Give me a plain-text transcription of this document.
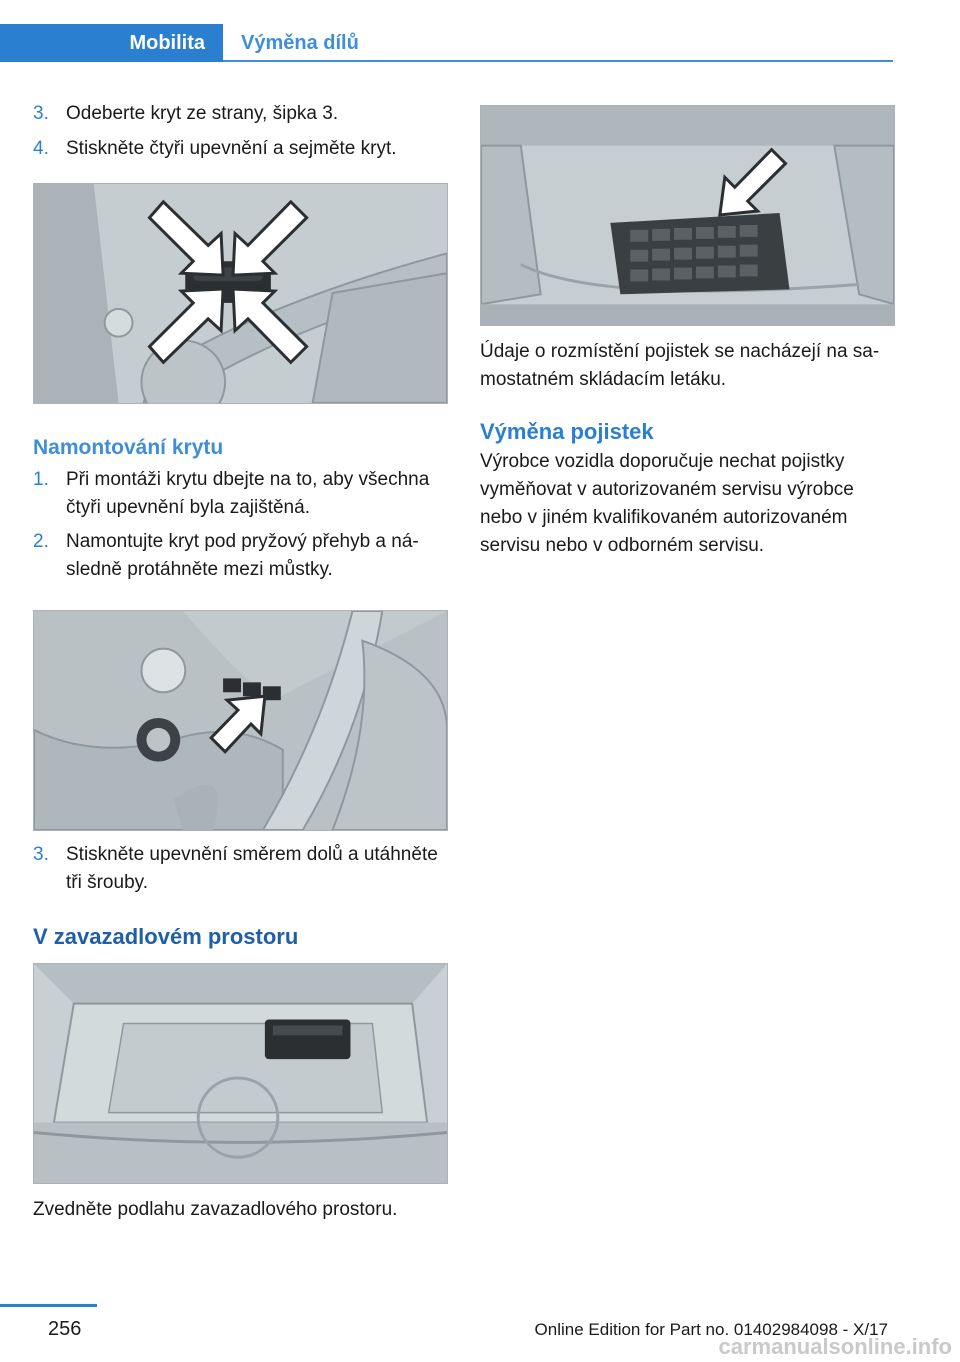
Mobilita	Výměna dílů
3. Odeberte kryt ze strany, šipka 3.
4. Stiskněte čtyři upevnění a sejměte kryt.
Namontování krytu
1. Při montáži krytu dbejte na to, aby všechna čtyři upevnění byla zajištěná.
2. Namontujte kryt pod pryžový přehyb a následně protáhněte mezi můstky.
3. Stiskněte upevnění směrem dolů a utáhněte tři šrouby.
V zavazadlovém prostoru
Zvedněte podlahu zavazadlového prostoru.
Údaje o rozmístění pojistek se nacházejí na samostatném skládacím letáku.
Výměna pojistek
Výrobce vozidla doporučuje nechat pojistky vyměňovat v autorizovaném servisu výrobce nebo v jiném kvalifikovaném autorizovaném servisu nebo v odborném servisu.
256	Online Edition for Part no. 01402984098 - X/17
carmanualsonline.info
